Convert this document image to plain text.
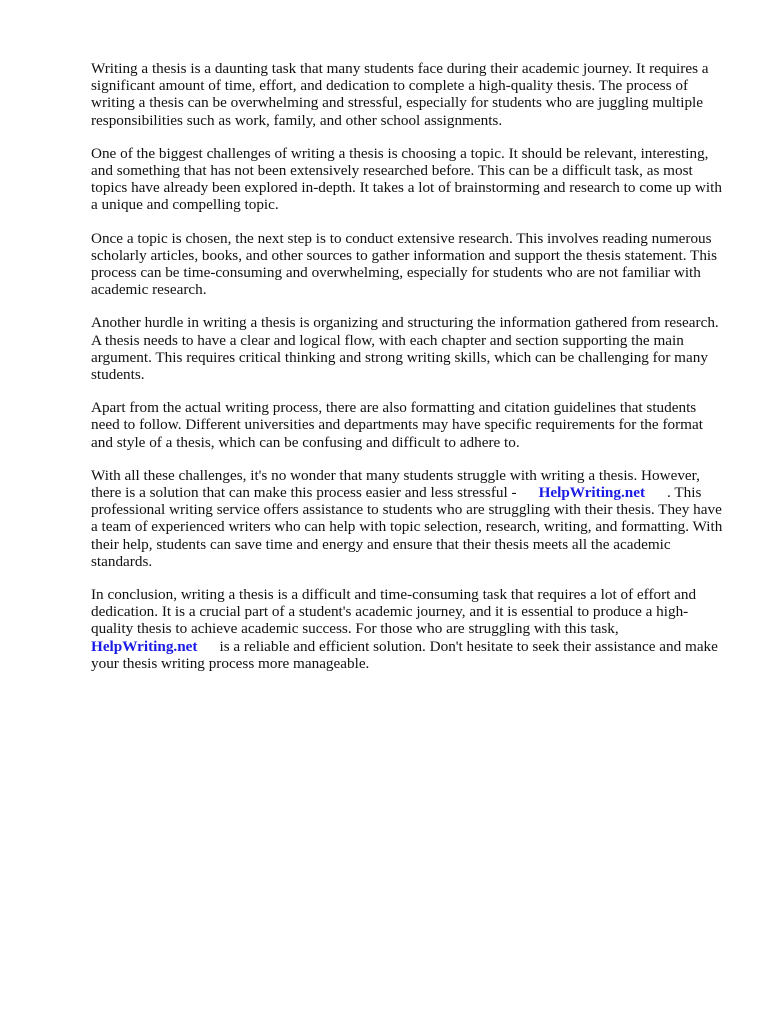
Writing a thesis is a daunting task that many students face during their academic journey. It requires a significant amount of time, effort, and dedication to complete a high-quality thesis. The process of writing a thesis can be overwhelming and stressful, especially for students who are juggling multiple responsibilities such as work, family, and other school assignments.

One of the biggest challenges of writing a thesis is choosing a topic. It should be relevant, interesting, and something that has not been extensively researched before. This can be a difficult task, as most topics have already been explored in-depth. It takes a lot of brainstorming and research to come up with a unique and compelling topic.

Once a topic is chosen, the next step is to conduct extensive research. This involves reading numerous scholarly articles, books, and other sources to gather information and support the thesis statement. This process can be time-consuming and overwhelming, especially for students who are not familiar with academic research.

Another hurdle in writing a thesis is organizing and structuring the information gathered from research. A thesis needs to have a clear and logical flow, with each chapter and section supporting the main argument. This requires critical thinking and strong writing skills, which can be challenging for many students.

Apart from the actual writing process, there are also formatting and citation guidelines that students need to follow. Different universities and departments may have specific requirements for the format and style of a thesis, which can be confusing and difficult to adhere to.

With all these challenges, it's no wonder that many students struggle with writing a thesis. However, there is a solution that can make this process easier and less stressful - HelpWriting.net . This professional writing service offers assistance to students who are struggling with their thesis. They have a team of experienced writers who can help with topic selection, research, writing, and formatting. With their help, students can save time and energy and ensure that their thesis meets all the academic standards.

In conclusion, writing a thesis is a difficult and time-consuming task that requires a lot of effort and dedication. It is a crucial part of a student's academic journey, and it is essential to produce a high-quality thesis to achieve academic success. For those who are struggling with this task, HelpWriting.net is a reliable and efficient solution. Don't hesitate to seek their assistance and make your thesis writing process more manageable.
